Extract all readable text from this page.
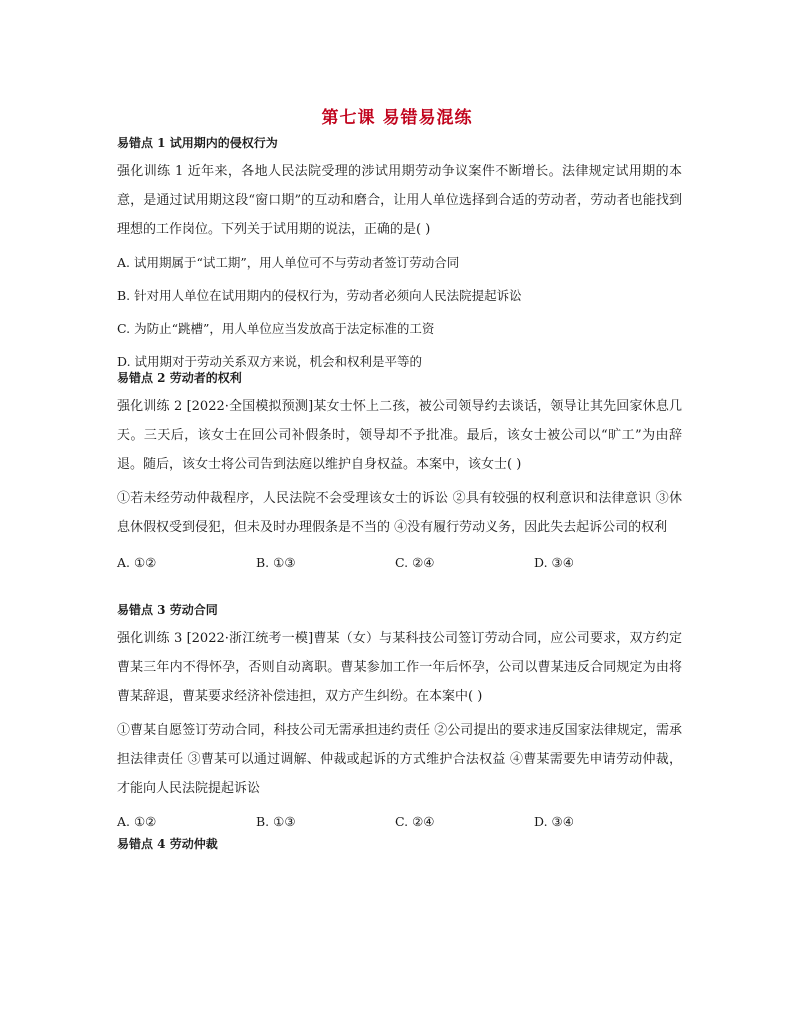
第七课 易错易混练
易错点 1 试用期内的侵权行为
强化训练 1 近年来，各地人民法院受理的涉试用期劳动争议案件不断增长。法律规定试用期的本意，是通过试用期这段“窗口期”的互动和磨合，让用人单位选择到合适的劳动者，劳动者也能找到理想的工作岗位。下列关于试用期的说法，正确的是( )
A. 试用期属于“试工期”，用人单位可不与劳动者签订劳动合同
B. 针对用人单位在试用期内的侵权行为，劳动者必须向人民法院提起诉讼
C. 为防止“跳槽”，用人单位应当发放高于法定标准的工资
D. 试用期对于劳动关系双方来说，机会和权利是平等的
易错点 2 劳动者的权利
强化训练 2 [2022·全国模拟预测]某女士怀上二孩，被公司领导约去谈话，领导让其先回家休息几天。三天后，该女士在回公司补假条时，领导却不予批准。最后，该女士被公司以“旷工”为由辞退。随后，该女士将公司告到法庭以维护自身权益。本案中，该女士( )
①若未经劳动仲裁程序，人民法院不会受理该女士的诉讼 ②具有较强的权利意识和法律意识 ③休息休假权受到侵犯，但未及时办理假条是不当的 ④没有履行劳动义务，因此失去起诉公司的权利
A. ①②	B. ①③	C. ②④	D. ③④
易错点 3 劳动合同
强化训练 3 [2022·浙江统考一模]曹某（女）与某科技公司签订劳动合同，应公司要求，双方约定曹某三年内不得怀孕，否则自动离职。曹某参加工作一年后怀孕，公司以曹某违反合同规定为由将曹某辞退，曹某要求经济补偿违担，双方产生纠纷。在本案中( )
①曹某自愿签订劳动合同，科技公司无需承担违约责任 ②公司提出的要求违反国家法律规定，需承担法律责任 ③曹某可以通过调解、仲裁或起诉的方式维护合法权益 ④曹某需要先申请劳动仲裁，才能向人民法院提起诉讼
A. ①②	B. ①③	C. ②④	D. ③④
易错点 4 劳动仲裁
